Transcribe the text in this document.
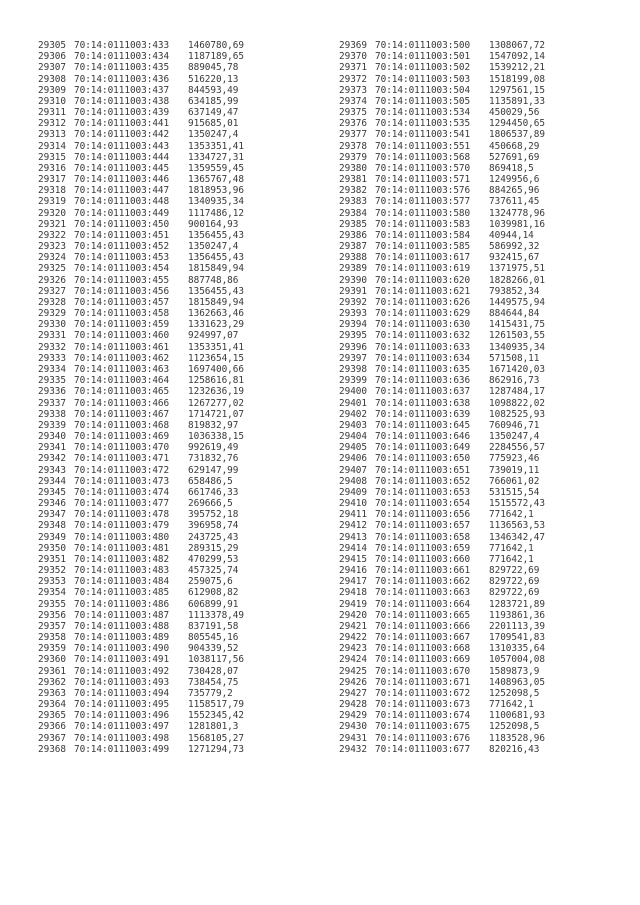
29305 70:14:0111003:433 1460780,69
29306 70:14:0111003:434 1187189,65
29307 70:14:0111003:435 889045,78
29308 70:14:0111003:436 516220,13
29309 70:14:0111003:437 844593,49
29310 70:14:0111003:438 634185,99
29311 70:14:0111003:439 637149,47
29312 70:14:0111003:441 915685,01
29313 70:14:0111003:442 1350247,4
29314 70:14:0111003:443 1353351,41
29315 70:14:0111003:444 1334727,31
29316 70:14:0111003:445 1359559,45
29317 70:14:0111003:446 1365767,48
29318 70:14:0111003:447 1818953,96
29319 70:14:0111003:448 1340935,34
29320 70:14:0111003:449 1117486,12
29321 70:14:0111003:450 900164,93
29322 70:14:0111003:451 1356455,43
29323 70:14:0111003:452 1350247,4
29324 70:14:0111003:453 1356455,43
29325 70:14:0111003:454 1815849,94
29326 70:14:0111003:455 887748,86
29327 70:14:0111003:456 1356455,43
29328 70:14:0111003:457 1815849,94
29329 70:14:0111003:458 1362663,46
29330 70:14:0111003:459 1331623,29
29331 70:14:0111003:460 924997,07
29332 70:14:0111003:461 1353351,41
29333 70:14:0111003:462 1123654,15
29334 70:14:0111003:463 1697400,66
29335 70:14:0111003:464 1258616,81
29336 70:14:0111003:465 1232636,19
29337 70:14:0111003:466 1267277,02
29338 70:14:0111003:467 1714721,07
29339 70:14:0111003:468 819832,97
29340 70:14:0111003:469 1036338,15
29341 70:14:0111003:470 992619,49
29342 70:14:0111003:471 731832,76
29343 70:14:0111003:472 629147,99
29344 70:14:0111003:473 658486,5
29345 70:14:0111003:474 661746,33
29346 70:14:0111003:477 269666,5
29347 70:14:0111003:478 395752,18
29348 70:14:0111003:479 396958,74
29349 70:14:0111003:480 243725,43
29350 70:14:0111003:481 289315,29
29351 70:14:0111003:482 470299,53
29352 70:14:0111003:483 457325,74
29353 70:14:0111003:484 259075,6
29354 70:14:0111003:485 612908,82
29355 70:14:0111003:486 606899,91
29356 70:14:0111003:487 1113378,49
29357 70:14:0111003:488 837191,58
29358 70:14:0111003:489 805545,16
29359 70:14:0111003:490 904339,52
29360 70:14:0111003:491 1038117,56
29361 70:14:0111003:492 730428,07
29362 70:14:0111003:493 738454,75
29363 70:14:0111003:494 735779,2
29364 70:14:0111003:495 1158517,79
29365 70:14:0111003:496 1552345,42
29366 70:14:0111003:497 1281801,3
29367 70:14:0111003:498 1568105,27
29368 70:14:0111003:499 1271294,73
29369 70:14:0111003:500 1308067,72
29370 70:14:0111003:501 1547092,14
29371 70:14:0111003:502 1539212,21
29372 70:14:0111003:503 1518199,08
29373 70:14:0111003:504 1297561,15
29374 70:14:0111003:505 1135891,33
29375 70:14:0111003:534 450029,56
29376 70:14:0111003:535 1294450,65
29377 70:14:0111003:541 1806537,89
29378 70:14:0111003:551 450668,29
29379 70:14:0111003:568 527691,69
29380 70:14:0111003:570 869418,5
29381 70:14:0111003:571 1249956,6
29382 70:14:0111003:576 884265,96
29383 70:14:0111003:577 737611,45
29384 70:14:0111003:580 1324778,96
29385 70:14:0111003:583 1039981,16
29386 70:14:0111003:584 40944,14
29387 70:14:0111003:585 586992,32
29388 70:14:0111003:617 932415,67
29389 70:14:0111003:619 1371975,51
29390 70:14:0111003:620 1828266,01
29391 70:14:0111003:621 793852,34
29392 70:14:0111003:626 1449575,94
29393 70:14:0111003:629 884644,84
29394 70:14:0111003:630 1415431,75
29395 70:14:0111003:632 1261503,55
29396 70:14:0111003:633 1340935,34
29397 70:14:0111003:634 571508,11
29398 70:14:0111003:635 1671420,03
29399 70:14:0111003:636 862916,73
29400 70:14:0111003:637 1287484,17
29401 70:14:0111003:638 1098822,02
29402 70:14:0111003:639 1082525,93
29403 70:14:0111003:645 760946,71
29404 70:14:0111003:646 1350247,4
29405 70:14:0111003:649 2284556,57
29406 70:14:0111003:650 775923,46
29407 70:14:0111003:651 739019,11
29408 70:14:0111003:652 766061,02
29409 70:14:0111003:653 531515,54
29410 70:14:0111003:654 1515572,43
29411 70:14:0111003:656 771642,1
29412 70:14:0111003:657 1136563,53
29413 70:14:0111003:658 1346342,47
29414 70:14:0111003:659 771642,1
29415 70:14:0111003:660 771642,1
29416 70:14:0111003:661 829722,69
29417 70:14:0111003:662 829722,69
29418 70:14:0111003:663 829722,69
29419 70:14:0111003:664 1283721,89
29420 70:14:0111003:665 1193861,36
29421 70:14:0111003:666 2201113,39
29422 70:14:0111003:667 1709541,83
29423 70:14:0111003:668 1310335,64
29424 70:14:0111003:669 1057004,08
29425 70:14:0111003:670 1589873,9
29426 70:14:0111003:671 1408963,05
29427 70:14:0111003:672 1252098,5
29428 70:14:0111003:673 771642,1
29429 70:14:0111003:674 1100681,93
29430 70:14:0111003:675 1252098,5
29431 70:14:0111003:676 1183528,96
29432 70:14:0111003:677 820216,43
